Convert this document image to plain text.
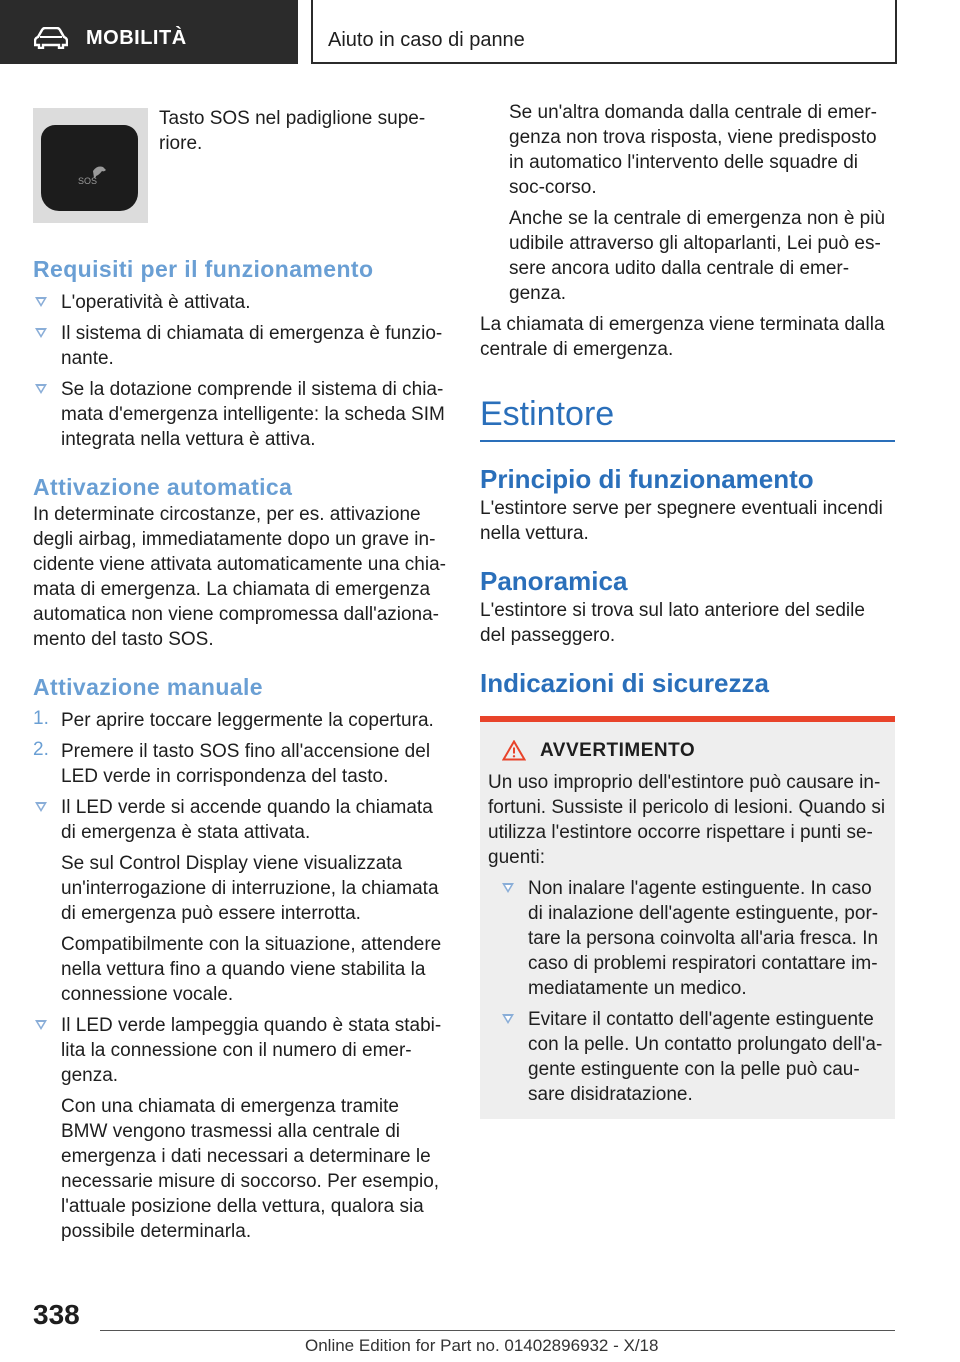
MOBILITÀ	Aiuto in caso di panne
SOS

Tasto SOS nel padiglione supe-riore.

Requisiti per il funzionamento

L'operatività è attivata.

Il sistema di chiamata di emergenza è funzio-nante.

Se la dotazione comprende il sistema di chia-mata d'emergenza intelligente: la scheda SIM integrata nella vettura è attiva.

Attivazione automatica

In determinate circostanze, per es. attivazione degli airbag, immediatamente dopo un grave in-cidente viene attivata automaticamente una chia-mata di emergenza. La chiamata di emergenza automatica non viene compromessa dall'aziona-mento del tasto SOS.

Attivazione manuale
1. Per aprire toccare leggermente la copertura.

2. Premere il tasto SOS fino all'accensione del LED verde in corrispondenza del tasto.

Il LED verde si accende quando la chiamata di emergenza è stata attivata.

Se sul Control Display viene visualizzata un'interrogazione di interruzione, la chiamata di emergenza può essere interrotta.

Compatibilmente con la situazione, attendere nella vettura fino a quando viene stabilita la connessione vocale.

Il LED verde lampeggia quando è stata stabi-lita la connessione con il numero di emer-genza.

Con una chiamata di emergenza tramite BMW vengono trasmessi alla centrale di emergenza i dati necessari a determinare le necessarie misure di soccorso. Per esempio, l'attuale posizione della vettura, qualora sia possibile determinarla.

Se un'altra domanda dalla centrale di emer-genza non trova risposta, viene predisposto in automatico l'intervento delle squadre di soc-corso.

Anche se la centrale di emergenza non è più udibile attraverso gli altoparlanti, Lei può es-sere ancora udito dalla centrale di emer-genza.

La chiamata di emergenza viene terminata dalla centrale di emergenza.

Estintore
Principio di funzionamento

L'estintore serve per spegnere eventuali incendi nella vettura.

Panoramica

L'estintore si trova sul lato anteriore del sedile del passeggero.

Indicazioni di sicurezza
AVVERTIMENTO

Un uso improprio dell'estintore può causare in-fortuni. Sussiste il pericolo di lesioni. Quando si utilizza l'estintore occorre rispettare i punti se-guenti:

Non inalare l'agente estinguente. In caso di inalazione dell'agente estinguente, por-tare la persona coinvolta all'aria fresca. In caso di problemi respiratori contattare im-mediatamente un medico.

Evitare il contatto dell'agente estinguente con la pelle. Un contatto prolungato dell'a-gente estinguente con la pelle può cau-sare disidratazione.

338
Online Edition for Part no. 01402896932 - X/18
